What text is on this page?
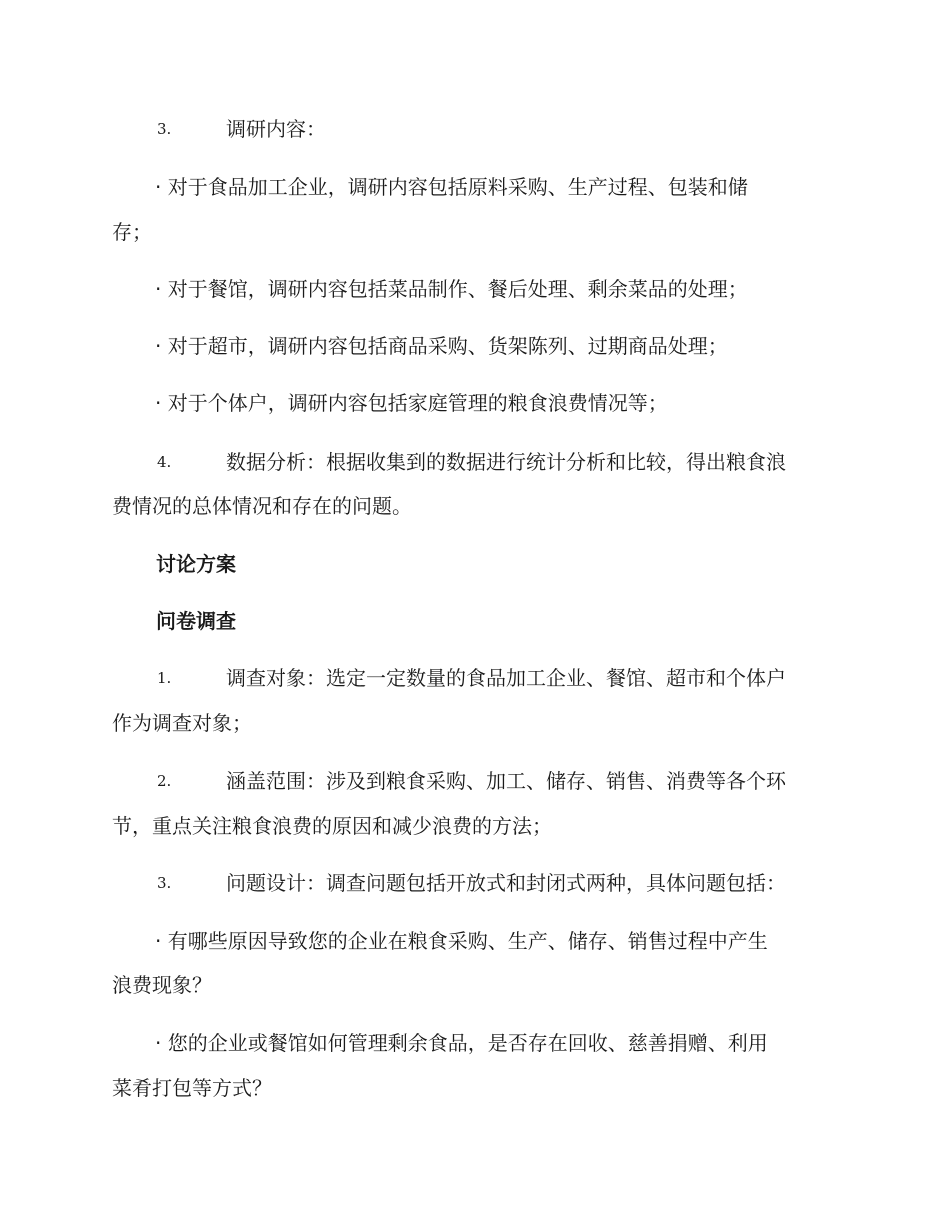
3.	调研内容：
· 对于食品加工企业，调研内容包括原料采购、生产过程、包装和储
存；
· 对于餐馆，调研内容包括菜品制作、餐后处理、剩余菜品的处理；
· 对于超市，调研内容包括商品采购、货架陈列、过期商品处理；
· 对于个体户，调研内容包括家庭管理的粮食浪费情况等；
4.	数据分析：根据收集到的数据进行统计分析和比较，得出粮食浪
费情况的总体情况和存在的问题。
讨论方案
问卷调查
1.	调查对象：选定一定数量的食品加工企业、餐馆、超市和个体户
作为调查对象；
2.	涵盖范围：涉及到粮食采购、加工、储存、销售、消费等各个环
节，重点关注粮食浪费的原因和减少浪费的方法；
3.	问题设计：调查问题包括开放式和封闭式两种，具体问题包括：
· 有哪些原因导致您的企业在粮食采购、生产、储存、销售过程中产生
浪费现象？
· 您的企业或餐馆如何管理剩余食品，是否存在回收、慈善捐赠、利用
菜肴打包等方式？
